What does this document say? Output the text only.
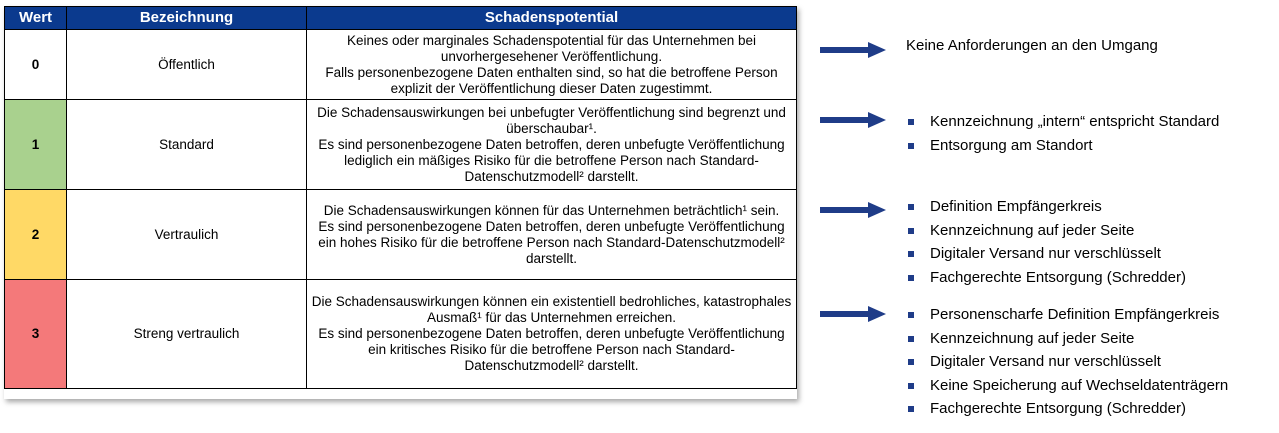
Wert	Bezeichnung	Schadenspotential
0	Öffentlich	Keines oder marginales Schadenspotential für das Unternehmen bei unvorhergesehener Veröffentlichung.

Falls personenbezogene Daten enthalten sind, so hat die betroffene Person explizit der Veröffentlichung dieser Daten zugestimmt.

1	Standard	Die Schadensauswirkungen bei unbefugter Veröffentlichung sind begrenzt und überschaubar¹.

Es sind personenbezogene Daten betroffen, deren unbefugte Veröffentlichung lediglich ein mäßiges Risiko für die betroffene Person nach Standard-Datenschutzmodell² darstellt.

2	Vertraulich	Die Schadensauswirkungen können für das Unternehmen beträchtlich¹ sein.

Es sind personenbezogene Daten betroffen, deren unbefugte Veröffentlichung ein hohes Risiko für die betroffene Person nach Standard-Datenschutzmodell² darstellt.

3	Streng vertraulich	Die Schadensauswirkungen können ein existentiell bedrohliches, katastrophales Ausmaß¹ für das Unternehmen erreichen.

Es sind personenbezogene Daten betroffen, deren unbefugte Veröffentlichung ein kritisches Risiko für die betroffene Person nach Standard-Datenschutzmodell² darstellt.

Keine Anforderungen an den Umgang
Kennzeichnung „intern“ entspricht Standard
Entsorgung am Standort
Definition Empfängerkreis
Kennzeichnung auf jeder Seite
Digitaler Versand nur verschlüsselt
Fachgerechte Entsorgung (Schredder)
Personenscharfe Definition Empfängerkreis
Kennzeichnung auf jeder Seite
Digitaler Versand nur verschlüsselt
Keine Speicherung auf Wechseldatenträgern
Fachgerechte Entsorgung (Schredder)
